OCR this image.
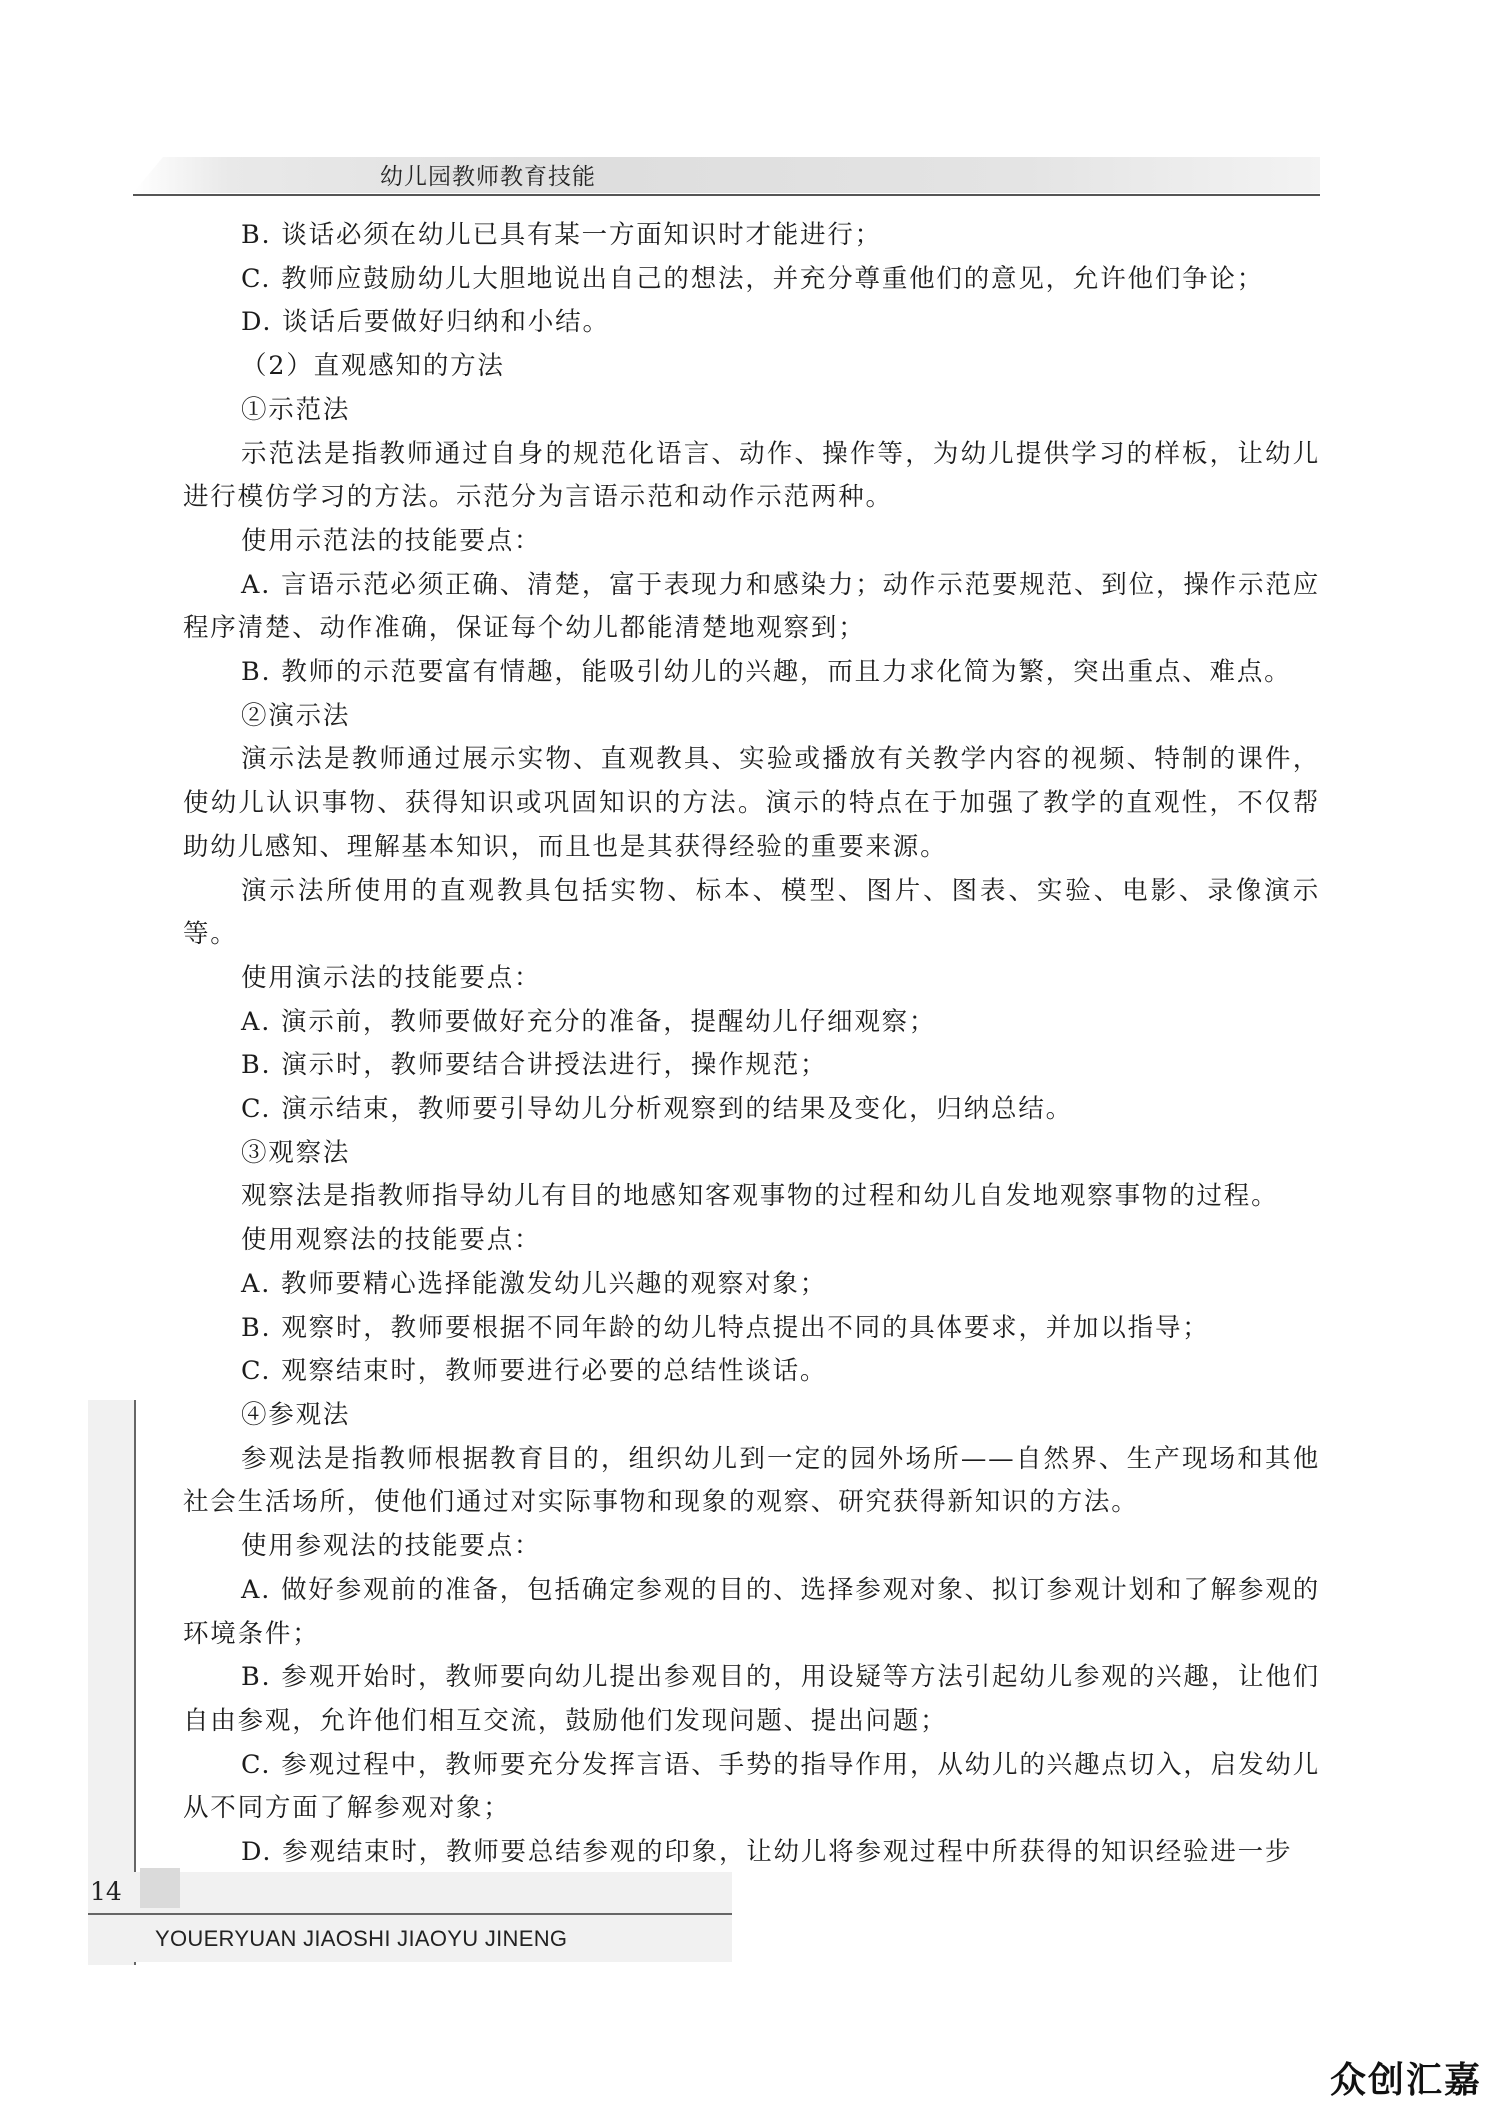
幼儿园教师教育技能

B. 谈话必须在幼儿已具有某一方面知识时才能进行；

C. 教师应鼓励幼儿大胆地说出自己的想法，并充分尊重他们的意见，允许他们争论；

D. 谈话后要做好归纳和小结。

（2）直观感知的方法

①示范法

示范法是指教师通过自身的规范化语言、动作、操作等，为幼儿提供学习的样板，让幼儿进行模仿学习的方法。示范分为言语示范和动作示范两种。

使用示范法的技能要点：

A. 言语示范必须正确、清楚，富于表现力和感染力；动作示范要规范、到位，操作示范应程序清楚、动作准确，保证每个幼儿都能清楚地观察到；

B. 教师的示范要富有情趣，能吸引幼儿的兴趣，而且力求化简为繁，突出重点、难点。

②演示法

演示法是教师通过展示实物、直观教具、实验或播放有关教学内容的视频、特制的课件，使幼儿认识事物、获得知识或巩固知识的方法。演示的特点在于加强了教学的直观性，不仅帮助幼儿感知、理解基本知识，而且也是其获得经验的重要来源。

演示法所使用的直观教具包括实物、标本、模型、图片、图表、实验、电影、录像演示等。

使用演示法的技能要点：

A. 演示前，教师要做好充分的准备，提醒幼儿仔细观察；

B. 演示时，教师要结合讲授法进行，操作规范；

C. 演示结束，教师要引导幼儿分析观察到的结果及变化，归纳总结。

③观察法

观察法是指教师指导幼儿有目的地感知客观事物的过程和幼儿自发地观察事物的过程。

使用观察法的技能要点：

A. 教师要精心选择能激发幼儿兴趣的观察对象；

B. 观察时，教师要根据不同年龄的幼儿特点提出不同的具体要求，并加以指导；

C. 观察结束时，教师要进行必要的总结性谈话。

④参观法

参观法是指教师根据教育目的，组织幼儿到一定的园外场所——自然界、生产现场和其他社会生活场所，使他们通过对实际事物和现象的观察、研究获得新知识的方法。

使用参观法的技能要点：

A. 做好参观前的准备，包括确定参观的目的、选择参观对象、拟订参观计划和了解参观的环境条件；

B. 参观开始时，教师要向幼儿提出参观目的，用设疑等方法引起幼儿参观的兴趣，让他们自由参观，允许他们相互交流，鼓励他们发现问题、提出问题；

C. 参观过程中，教师要充分发挥言语、手势的指导作用，从幼儿的兴趣点切入，启发幼儿从不同方面了解参观对象；

D. 参观结束时，教师要总结参观的印象，让幼儿将参观过程中所获得的知识经验进一步

14
YOUERYUAN JIAOSHI JIAOYU JINENG
众创汇嘉
